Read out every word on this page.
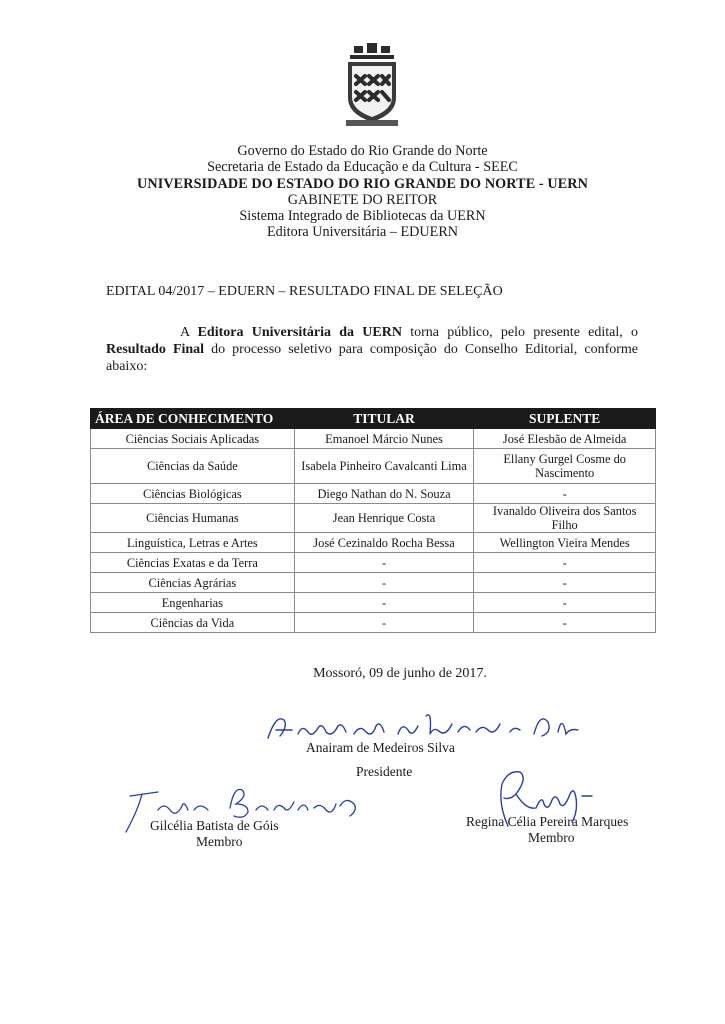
Governo do Estado do Rio Grande do Norte
Secretaria de Estado da Educação e da Cultura - SEEC
UNIVERSIDADE DO ESTADO DO RIO GRANDE DO NORTE - UERN
GABINETE DO REITOR
Sistema Integrado de Bibliotecas da UERN
Editora Universitária – EDUERN
EDITAL 04/2017 – EDUERN – RESULTADO FINAL DE SELEÇÃO
A Editora Universitária da UERN torna público, pelo presente edital, o Resultado Final do processo seletivo para composição do Conselho Editorial, conforme abaixo:
ÁREA DE CONHECIMENTO	TITULAR	SUPLENTE
Ciências Sociais Aplicadas	Emanoel Márcio Nunes	José Elesbão de Almeida
Ciências da Saúde	Isabela Pinheiro Cavalcanti Lima	Ellany Gurgel Cosme do Nascimento
Ciências Biológicas	Diego Nathan do N. Souza	-
Ciências Humanas	Jean Henrique Costa	Ivanaldo Oliveira dos Santos Filho
Linguística, Letras e Artes	José Cezinaldo Rocha Bessa	Wellington Vieira Mendes
Ciências Exatas e da Terra	-	-
Ciências Agrárias	-	-
Engenharias	-	-
Ciências da Vida	-	-
Mossoró, 09 de junho de 2017.
Anairam de Medeiros Silva
Presidente
Gilcélia Batista de Góis
Membro
Regina Célia Pereira Marques
Membro
